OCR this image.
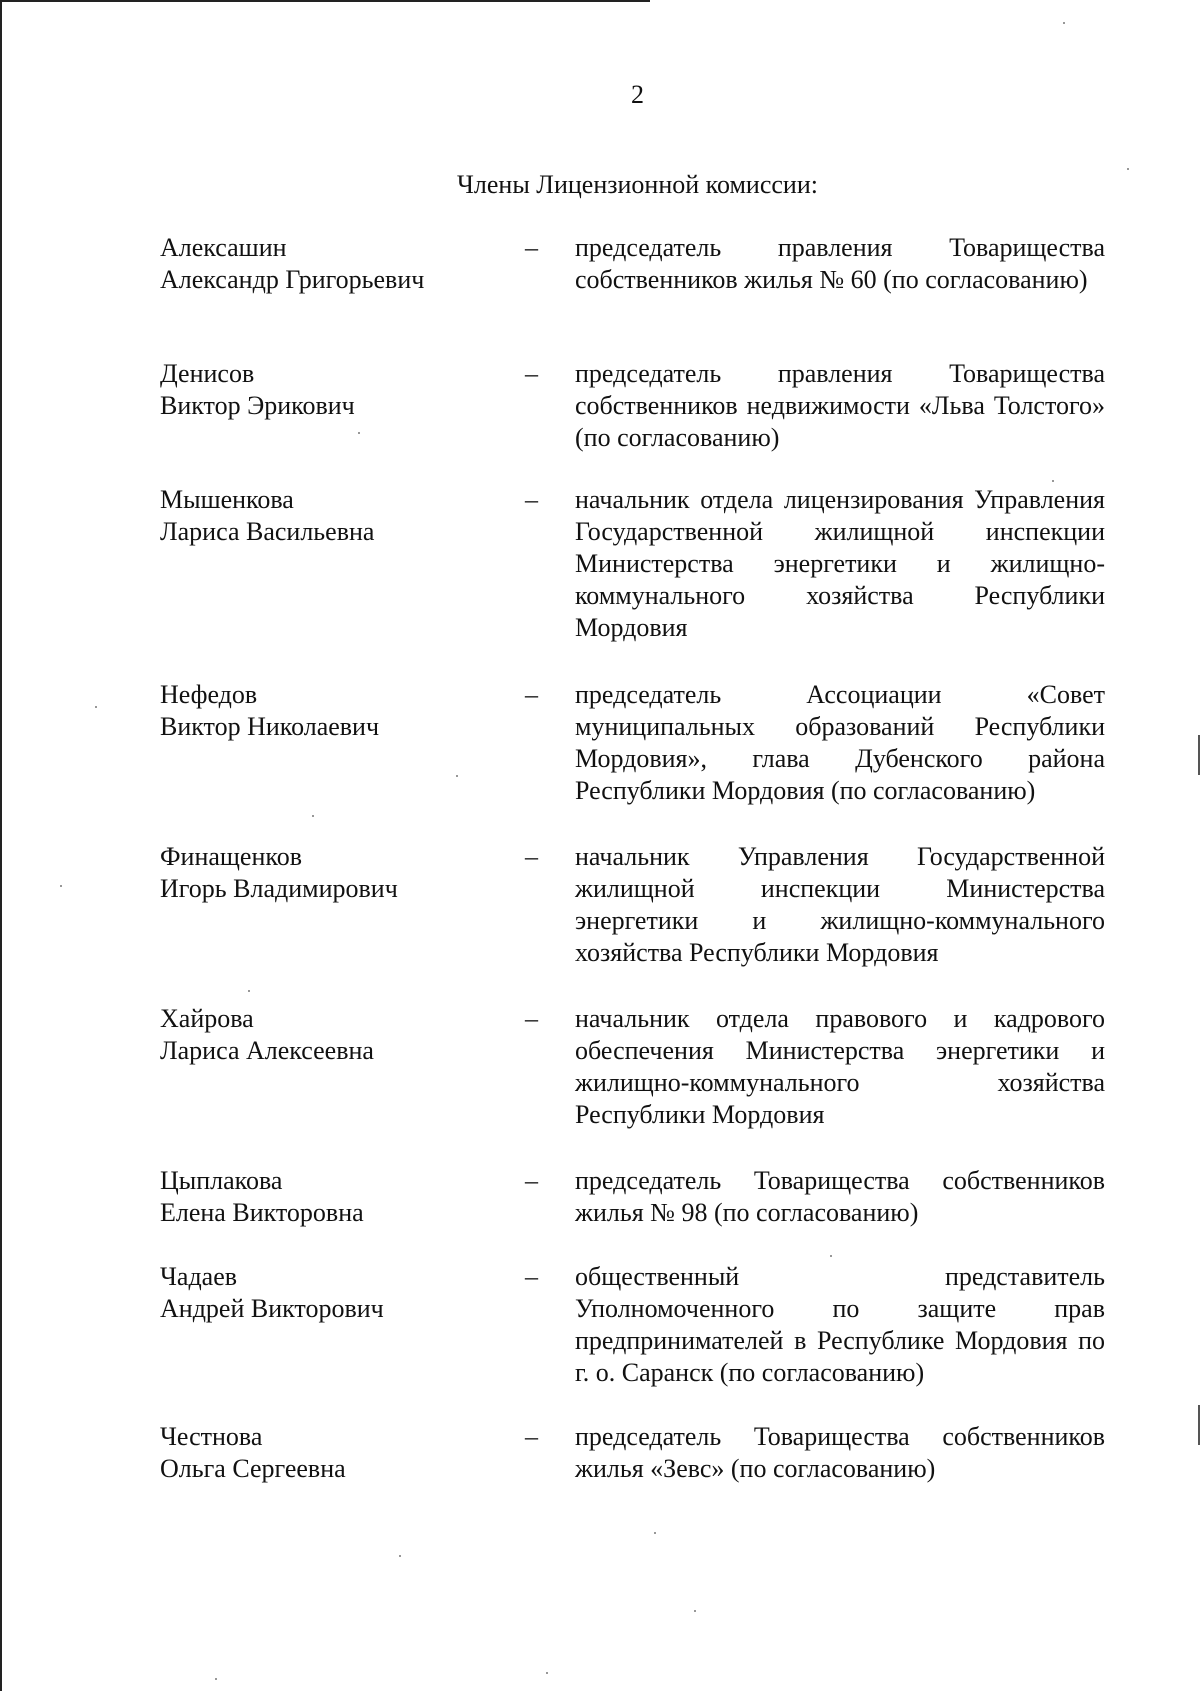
2

Члены Лицензионной комиссии:
Алексашин
Александр Григорьевич
–	председатель правления Товарищества собственников жилья № 60 (по согласованию)
Денисов
Виктор Эрикович
–	председатель правления Товарищества собственников недвижимости «Льва Толстого» (по согласованию)
Мышенкова
Лариса Васильевна
–	начальник отдела лицензирования Управления Государственной жилищной инспекции Министерства энергетики и жилищно-коммунального хозяйства Республики Мордовия
Нефедов
Виктор Николаевич
–	председатель Ассоциации «Совет муниципальных образований Республики Мордовия», глава Дубенского района Республики Мордовия (по согласованию)
Финащенков
Игорь Владимирович
–	начальник Управления Государственной жилищной инспекции Министерства энергетики и жилищно-коммунального хозяйства Республики Мордовия
Хайрова
Лариса Алексеевна
–	начальник отдела правового и кадрового обеспечения Министерства энергетики и жилищно-коммунального хозяйства Республики Мордовия
Цыплакова
Елена Викторовна
–	председатель Товарищества собственников жилья № 98 (по согласованию)
Чадаев
Андрей Викторович
–	общественный представитель Уполномоченного по защите прав предпринимателей в Республике Мордовия по г. о. Саранск (по согласованию)
Честнова
Ольга Сергеевна
–	председатель Товарищества собственников жилья «Зевс» (по согласованию)
